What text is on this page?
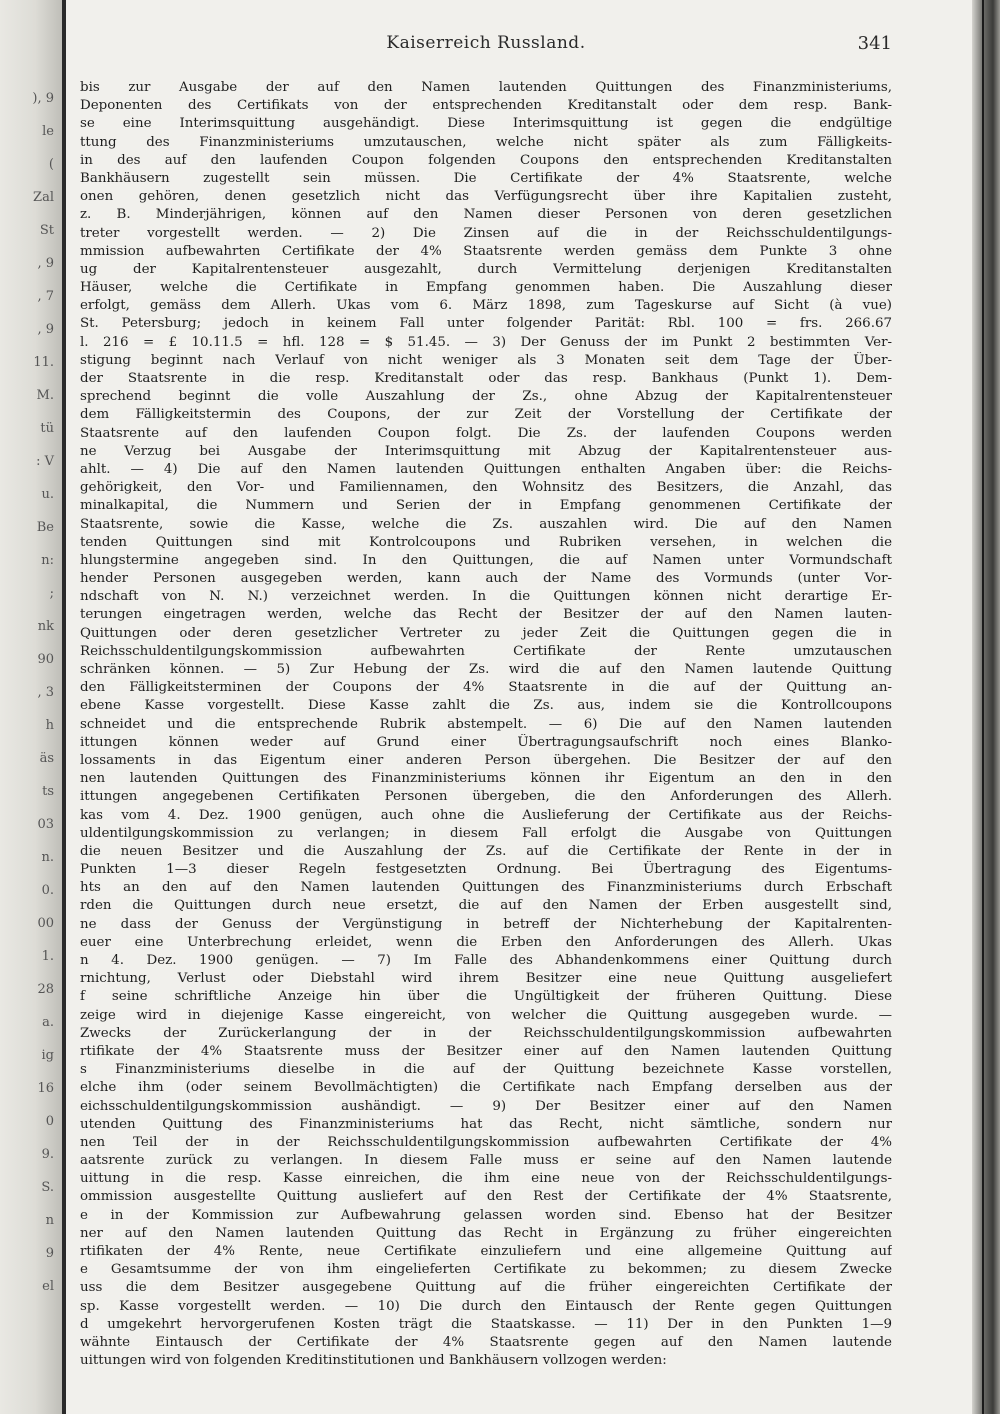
), 9
le
(
Zal
St
, 9
, 7
, 9
11.
M.
tü
: V
u.
Be
n:
;
nk
90
, 3
h
äs
ts
03
n.
0.
00
1.
28
a.
ig
16
0
9.
S.
n
9
el
Kaiserreich Russland.	341
bis zur Ausgabe der auf den Namen lautenden Quittungen des Finanzministeriums,
Deponenten des Certifikats von der entsprechenden Kreditanstalt oder dem resp. Bank-
se eine Interimsquittung ausgehändigt. Diese Interimsquittung ist gegen die endgültige
ttung des Finanzministeriums umzutauschen, welche nicht später als zum Fälligkeits-
in des auf den laufenden Coupon folgenden Coupons den entsprechenden Kreditanstalten
Bankhäusern zugestellt sein müssen. Die Certifikate der 4% Staatsrente, welche
onen gehören, denen gesetzlich nicht das Verfügungsrecht über ihre Kapitalien zusteht,
z. B. Minderjährigen, können auf den Namen dieser Personen von deren gesetzlichen
treter vorgestellt werden. — 2) Die Zinsen auf die in der Reichsschuldentilgungs-
mmission aufbewahrten Certifikate der 4% Staatsrente werden gemäss dem Punkte 3 ohne
ug der Kapitalrentensteuer ausgezahlt, durch Vermittelung derjenigen Kreditanstalten
Häuser, welche die Certifikate in Empfang genommen haben. Die Auszahlung dieser
erfolgt, gemäss dem Allerh. Ukas vom 6. März 1898, zum Tageskurse auf Sicht (à vue)
St. Petersburg; jedoch in keinem Fall unter folgender Parität: Rbl. 100 = frs. 266.67
l. 216 = £ 10.11.5 = hfl. 128 = $ 51.45. — 3) Der Genuss der im Punkt 2 bestimmten Ver-
stigung beginnt nach Verlauf von nicht weniger als 3 Monaten seit dem Tage der Über-
der Staatsrente in die resp. Kreditanstalt oder das resp. Bankhaus (Punkt 1). Dem-
sprechend beginnt die volle Auszahlung der Zs., ohne Abzug der Kapitalrentensteuer
dem Fälligkeitstermin des Coupons, der zur Zeit der Vorstellung der Certifikate der
Staatsrente auf den laufenden Coupon folgt. Die Zs. der laufenden Coupons werden
ne Verzug bei Ausgabe der Interimsquittung mit Abzug der Kapitalrentensteuer aus-
ahlt. — 4) Die auf den Namen lautenden Quittungen enthalten Angaben über: die Reichs-
gehörigkeit, den Vor- und Familiennamen, den Wohnsitz des Besitzers, die Anzahl, das
minalkapital, die Nummern und Serien der in Empfang genommenen Certifikate der
Staatsrente, sowie die Kasse, welche die Zs. auszahlen wird. Die auf den Namen
tenden Quittungen sind mit Kontrolcoupons und Rubriken versehen, in welchen die
hlungstermine angegeben sind. In den Quittungen, die auf Namen unter Vormundschaft
hender Personen ausgegeben werden, kann auch der Name des Vormunds (unter Vor-
ndschaft von N. N.) verzeichnet werden. In die Quittungen können nicht derartige Er-
terungen eingetragen werden, welche das Recht der Besitzer der auf den Namen lauten-
Quittungen oder deren gesetzlicher Vertreter zu jeder Zeit die Quittungen gegen die in
Reichsschuldentilgungskommission aufbewahrten Certifikate der Rente umzutauschen
schränken können. — 5) Zur Hebung der Zs. wird die auf den Namen lautende Quittung
den Fälligkeitsterminen der Coupons der 4% Staatsrente in die auf der Quittung an-
ebene Kasse vorgestellt. Diese Kasse zahlt die Zs. aus, indem sie die Kontrollcoupons
schneidet und die entsprechende Rubrik abstempelt. — 6) Die auf den Namen lautenden
ittungen können weder auf Grund einer Übertragungsaufschrift noch eines Blanko-
lossaments in das Eigentum einer anderen Person übergehen. Die Besitzer der auf den
nen lautenden Quittungen des Finanzministeriums können ihr Eigentum an den in den
ittungen angegebenen Certifikaten Personen übergeben, die den Anforderungen des Allerh.
kas vom 4. Dez. 1900 genügen, auch ohne die Auslieferung der Certifikate aus der Reichs-
uldentilgungskommission zu verlangen; in diesem Fall erfolgt die Ausgabe von Quittungen
die neuen Besitzer und die Auszahlung der Zs. auf die Certifikate der Rente in der in
Punkten 1—3 dieser Regeln festgesetzten Ordnung. Bei Übertragung des Eigentums-
hts an den auf den Namen lautenden Quittungen des Finanzministeriums durch Erbschaft
rden die Quittungen durch neue ersetzt, die auf den Namen der Erben ausgestellt sind,
ne dass der Genuss der Vergünstigung in betreff der Nichterhebung der Kapitalrenten-
euer eine Unterbrechung erleidet, wenn die Erben den Anforderungen des Allerh. Ukas
n 4. Dez. 1900 genügen. — 7) Im Falle des Abhandenkommens einer Quittung durch
rnichtung, Verlust oder Diebstahl wird ihrem Besitzer eine neue Quittung ausgeliefert
f seine schriftliche Anzeige hin über die Ungültigkeit der früheren Quittung. Diese
zeige wird in diejenige Kasse eingereicht, von welcher die Quittung ausgegeben wurde. —
Zwecks der Zurückerlangung der in der Reichsschuldentilgungskommission aufbewahrten
rtifikate der 4% Staatsrente muss der Besitzer einer auf den Namen lautenden Quittung
s Finanzministeriums dieselbe in die auf der Quittung bezeichnete Kasse vorstellen,
elche ihm (oder seinem Bevollmächtigten) die Certifikate nach Empfang derselben aus der
eichsschuldentilgungskommission aushändigt. — 9) Der Besitzer einer auf den Namen
utenden Quittung des Finanzministeriums hat das Recht, nicht sämtliche, sondern nur
nen Teil der in der Reichsschuldentilgungskommission aufbewahrten Certifikate der 4%
aatsrente zurück zu verlangen. In diesem Falle muss er seine auf den Namen lautende
uittung in die resp. Kasse einreichen, die ihm eine neue von der Reichsschuldentilgungs-
ommission ausgestellte Quittung ausliefert auf den Rest der Certifikate der 4% Staatsrente,
e in der Kommission zur Aufbewahrung gelassen worden sind. Ebenso hat der Besitzer
ner auf den Namen lautenden Quittung das Recht in Ergänzung zu früher eingereichten
rtifikaten der 4% Rente, neue Certifikate einzuliefern und eine allgemeine Quittung auf
e Gesamtsumme der von ihm eingelieferten Certifikate zu bekommen; zu diesem Zwecke
uss die dem Besitzer ausgegebene Quittung auf die früher eingereichten Certifikate der
sp. Kasse vorgestellt werden. — 10) Die durch den Eintausch der Rente gegen Quittungen
d umgekehrt hervorgerufenen Kosten trägt die Staatskasse. — 11) Der in den Punkten 1—9
wähnte Eintausch der Certifikate der 4% Staatsrente gegen auf den Namen lautende
uittungen wird von folgenden Kreditinstitutionen und Bankhäusern vollzogen werden:
